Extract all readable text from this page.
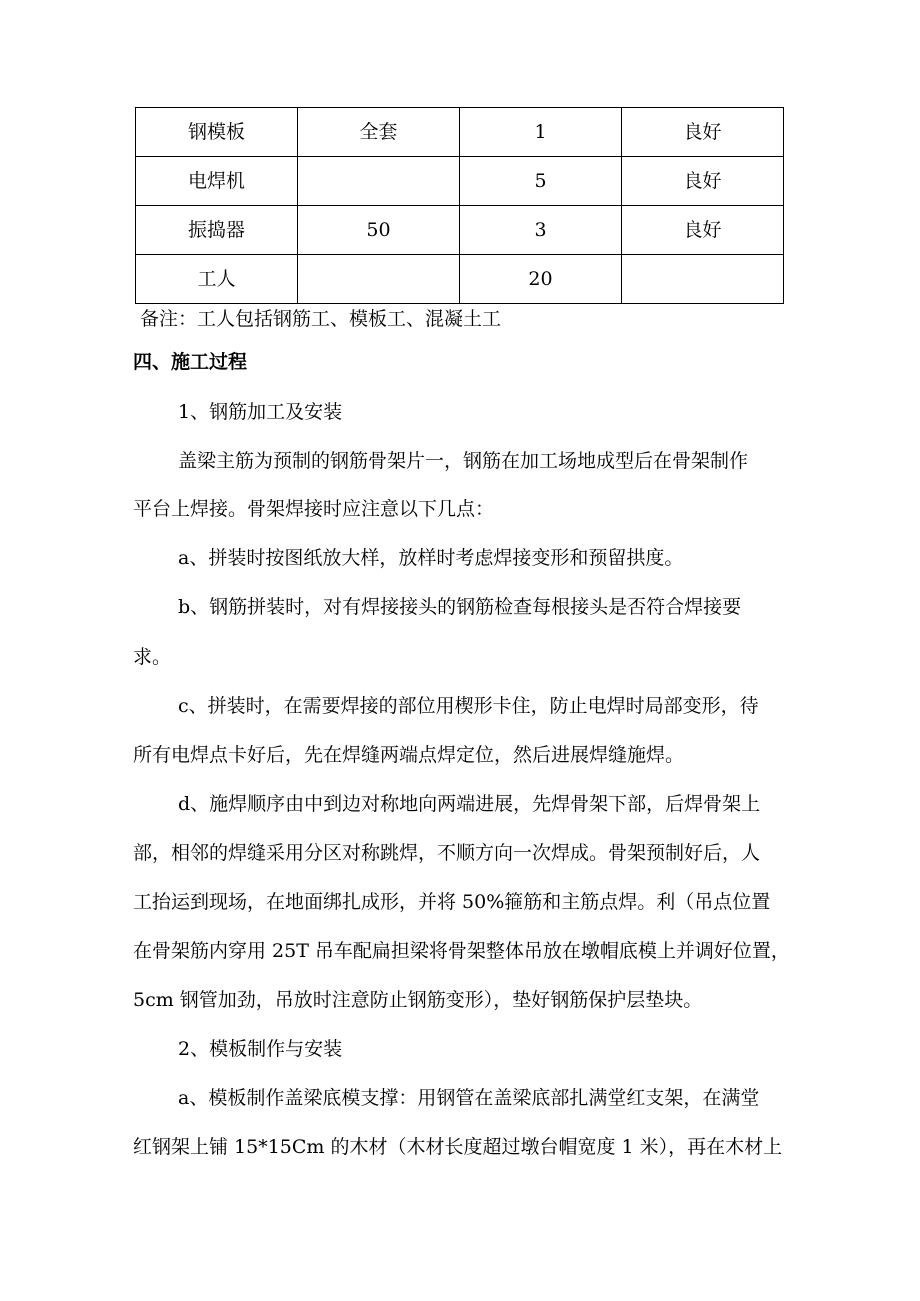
钢模板	全套	1	良好
电焊机		5	良好
振捣器	50	3	良好
工人		20	
备注：工人包括钢筋工、模板工、混凝土工
四、施工过程
1、钢筋加工及安装
盖梁主筋为预制的钢筋骨架片一，钢筋在加工场地成型后在骨架制作
平台上焊接。骨架焊接时应注意以下几点：
a、拼装时按图纸放大样，放样时考虑焊接变形和预留拱度。
b、钢筋拼装时，对有焊接接头的钢筋检查每根接头是否符合焊接要
求。
c、拼装时，在需要焊接的部位用楔形卡住，防止电焊时局部变形，待
所有电焊点卡好后，先在焊缝两端点焊定位，然后进展焊缝施焊。
d、施焊顺序由中到边对称地向两端进展，先焊骨架下部，后焊骨架上
部，相邻的焊缝采用分区对称跳焊，不顺方向一次焊成。骨架预制好后，人
工抬运到现场，在地面绑扎成形，并将 50%箍筋和主筋点焊。利（吊点位置
在骨架筋内穿用 25T 吊车配扁担梁将骨架整体吊放在墩帽底模上并调好位置，
5cm 钢管加劲，吊放时注意防止钢筋变形），垫好钢筋保护层垫块。
2、模板制作与安装
a、模板制作盖梁底模支撑：用钢管在盖梁底部扎满堂红支架，在满堂
红钢架上铺 15*15Cm 的木材（木材长度超过墩台帽宽度 1 米），再在木材上
